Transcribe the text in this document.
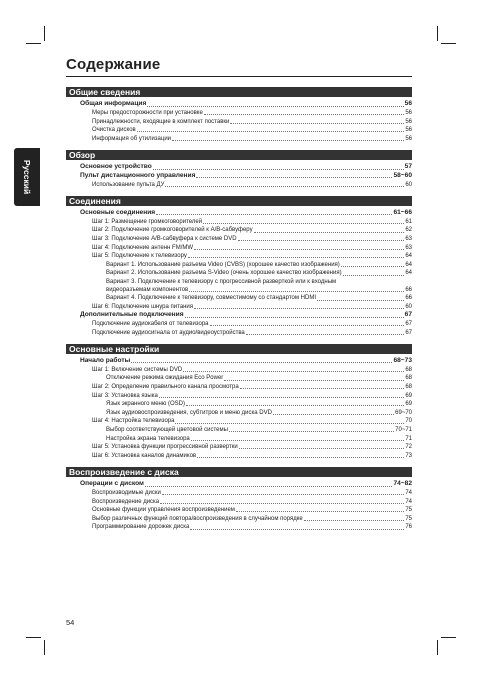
Содержание
Русский
Общие сведения
Общая информация	56
Меры предосторожности при установке	56
Принадлежности, входящие в комплект поставки	56
Очистка дисков	56
Информация об утилизации	56
Обзор
Основное устройство	57
Пульт дистанционного управления	58~60
Использование пульта ДУ	60
Соединения
Основные соединения	61~66
Шаг 1: Размещение громкоговорителей	61
Шаг 2: Подключение громкоговорителей к A/B-сабвуферу	62
Шаг 3: Подключение A/B-сабвуфера к системе DVD	63
Шаг 4: Подключение антенн FM/MW	63
Шаг 5: Подключение к телевизору	64
Вариант 1. Использование разъема Video (CVBS) (хорошее качество изображения)	64
Вариант 2. Использование разъема S-Video (очень хорошее качество изображения)	64
Вариант 3. Подключение к телевизору с прогрессивной разверткой или к входным
видеоразъемам компонентов	66
Вариант 4. Подключение к телевизору, совместимому со стандартом HDMI	66
Шаг 6: Подключение шнура питания	60
Дополнительные подключения	67
Подключение аудиокабеля от телевизора	67
Подключение аудиосигнала от аудио/видеоустройства	67
Основные настройки
Начало работы	68~73
Шаг 1: Включение системы DVD	68
Отключение режима ожидания Eco Power	68
Шаг 2: Определение правильного канала просмотра	68
Шаг 3: Установка языка	69
Язык экранного меню (OSD)	69
Язык аудиовоспроизведения, субтитров и меню диска DVD	69~70
Шаг 4: Настройка телевизора	70
Выбор соответствующей цветовой системы	70~71
Настройка экрана телевизора	71
Шаг 5: Установка функции прогрессивной развертки	72
Шаг 6: Установка каналов динамиков	73
Воспроизведение с диска
Операции с диском	74~82
Воспроизводимые диски	74
Воспроизведение диска	74
Основные функции управления воспроизведением	75
Выбор различных функций повтора/воспроизведения в случайном порядке	75
Программирование дорожек диска	76
54
